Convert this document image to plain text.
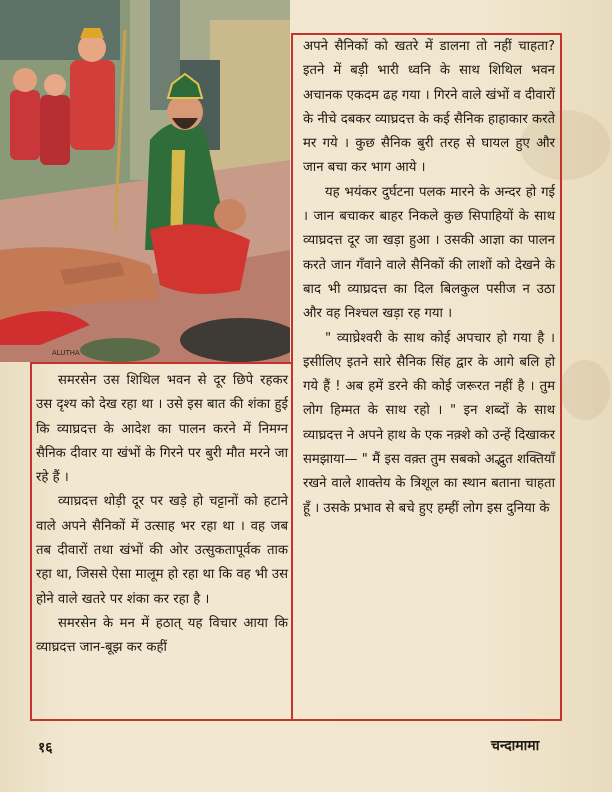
ALUTHA

अपने सैनिकों को खतरे में डालना तो नहीं चाहता? इतने में बड़ी भारी ध्वनि के साथ शिथिल भवन अचानक एकदम ढह गया । गिरने वाले खंभों व दीवारों के नीचे दबकर व्याघ्रदत्त के कई सैनिक हाहाकार करते मर गये । कुछ सैनिक बुरी तरह से घायल हुए और जान बचा कर भाग आये ।

यह भयंकर दुर्घटना पलक मारने के अन्दर हो गई । जान बचाकर बाहर निकले कुछ सिपाहियों के साथ व्याघ्रदत्त दूर जा खड़ा हुआ । उसकी आज्ञा का पालन करते जान गँवाने वाले सैनिकों की लाशों को देखने के बाद भी व्याघ्रदत्त का दिल बिलकुल पसीज न उठा और वह निश्चल खड़ा रह गया ।

" व्याघ्रेश्वरी के साथ कोई अपचार हो गया है । इसीलिए इतने सारे सैनिक सिंह द्वार के आगे बलि हो गये हैं ! अब हमें डरने की कोई जरूरत नहीं है । तुम लोग हिम्मत के साथ रहो । " इन शब्दों के साथ व्याघ्रदत्त ने अपने हाथ के एक नक़्शे को उन्हें दिखाकर समझाया— " मैं इस वक़्त तुम सबको अद्भुत शक्तियाँ रखने वाले शाक्तेय के त्रिशूल का स्थान बताना चाहता हूँ । उसके प्रभाव से बचे हुए हम्हीं लोग इस दुनिया के

समरसेन उस शिथिल भवन से दूर छिपे रहकर उस दृश्य को देख रहा था । उसे इस बात की शंका हुई कि व्याघ्रदत्त के आदेश का पालन करने में निमग्न सैनिक दीवार या खंभों के गिरने पर बुरी मौत मरने जा रहे हैं ।

व्याघ्रदत्त थोड़ी दूर पर खड़े हो चट्टानों को हटाने वाले अपने सैनिकों में उत्साह भर रहा था । वह जब तब दीवारों तथा खंभों की ओर उत्सुकतापूर्वक ताक रहा था, जिससे ऐसा मालूम हो रहा था कि वह भी उस होने वाले खतरे पर शंका कर रहा है ।

समरसेन के मन में हठात् यह विचार आया कि व्याघ्रदत्त जान-बूझ कर कहीं

१६	चन्दामामा
